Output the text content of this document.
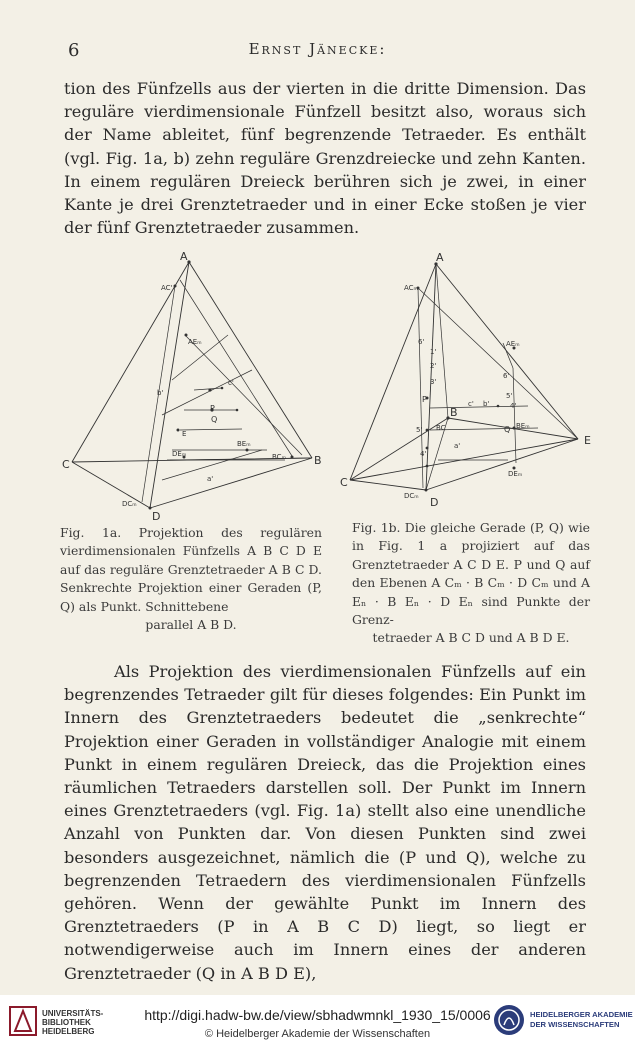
6	Ernst Jänecke:

tion des Fünfzells aus der vierten in die dritte Dimension. Das reguläre vierdimensionale Fünfzell besitzt also, woraus sich der Name ableitet, fünf begrenzende Tetraeder. Es enthält (vgl. Fig. 1a, b) zehn reguläre Grenzdreiecke und zehn Kanten. In einem regulären Dreieck berühren sich je zwei, in einer Kante je drei Grenztetraeder und in einer Ecke stoßen je vier der fünf Grenztetraeder zusammen.

A
C	B
D
AC'
AEₘ
DEₘ
BEₘ
BCₘ
DCₘ
P
Q
E
b'
c'
a'
A
C
B
E
D
ACₘ
AEₘ
BEₘ
DEₘ
DCₘ
BC
P
Q
6'
6'
5'
5'
4'
4'
3'
2'
1'
c' b'
a'

Fig. 1a. Projektion des regulären vierdimensionalen Fünfzells A B C D E auf das reguläre Grenztetraeder A B C D. Senkrechte Projektion einer Geraden (P, Q) als Punkt. Schnittebene
parallel A B D.

Fig. 1b. Die gleiche Gerade (P, Q) wie in Fig. 1 a projiziert auf das Grenztetraeder A C D E. P und Q auf den Ebenen A Cₘ · B Cₘ · D Cₘ und A Eₙ · B Eₙ · D Eₙ sind Punkte der Grenz-
tetraeder A B C D und A B D E.

Als Projektion des vierdimensionalen Fünfzells auf ein begrenzendes Tetraeder gilt für dieses folgendes: Ein Punkt im Innern des Grenztetraeders bedeutet die „senkrechte“ Projektion einer Geraden in vollständiger Analogie mit einem Punkt in einem regulären Dreieck, das die Projektion eines räumlichen Tetraeders darstellen soll. Der Punkt im Innern eines Grenztetraeders (vgl. Fig. 1a) stellt also eine unendliche Anzahl von Punkten dar. Von diesen Punkten sind zwei besonders ausgezeichnet, nämlich die (P und Q), welche zu begrenzenden Tetraedern des vierdimensionalen Fünfzells gehören. Wenn der gewählte Punkt im Innern des Grenztetraeders (P in A B C D) liegt, so liegt er notwendigerweise auch im Innern eines der anderen Grenztetraeder (Q in A B D E),

UNIVERSITÄTS-
BIBLIOTHEK
HEIDELBERG
http://digi.hadw-bw.de/view/sbhadwmnkl_1930_15/0006
© Heidelberger Akademie der Wissenschaften
HEIDELBERGER AKADEMIE
DER WISSENSCHAFTEN
